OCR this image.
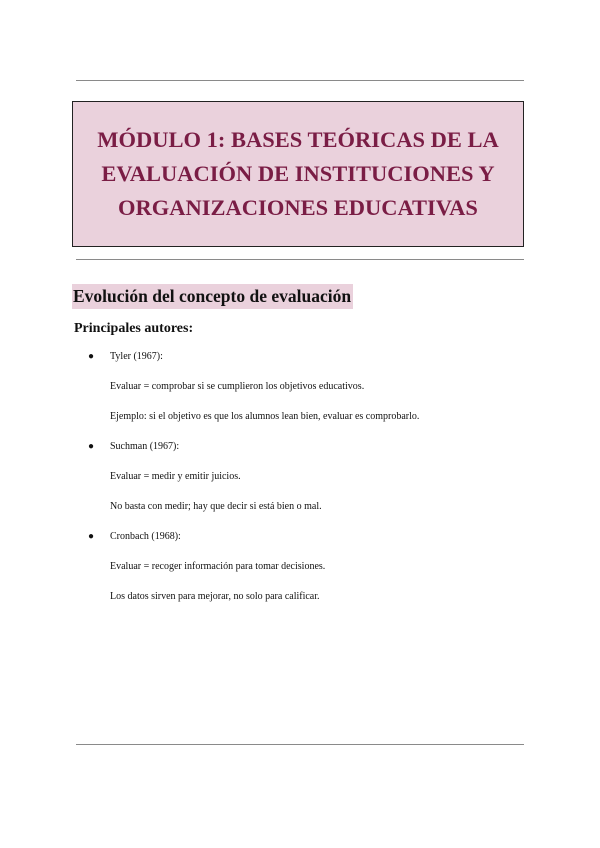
MÓDULO 1: BASES TEÓRICAS DE LA
EVALUACIÓN DE INSTITUCIONES Y
ORGANIZACIONES EDUCATIVAS
Evolución del concepto de evaluación
Principales autores:
● Tyler (1967):
Evaluar = comprobar si se cumplieron los objetivos educativos.
Ejemplo: si el objetivo es que los alumnos lean bien, evaluar es comprobarlo.
● Suchman (1967):
Evaluar = medir y emitir juicios.
No basta con medir; hay que decir si está bien o mal.
● Cronbach (1968):
Evaluar = recoger información para tomar decisiones.
Los datos sirven para mejorar, no solo para calificar.
